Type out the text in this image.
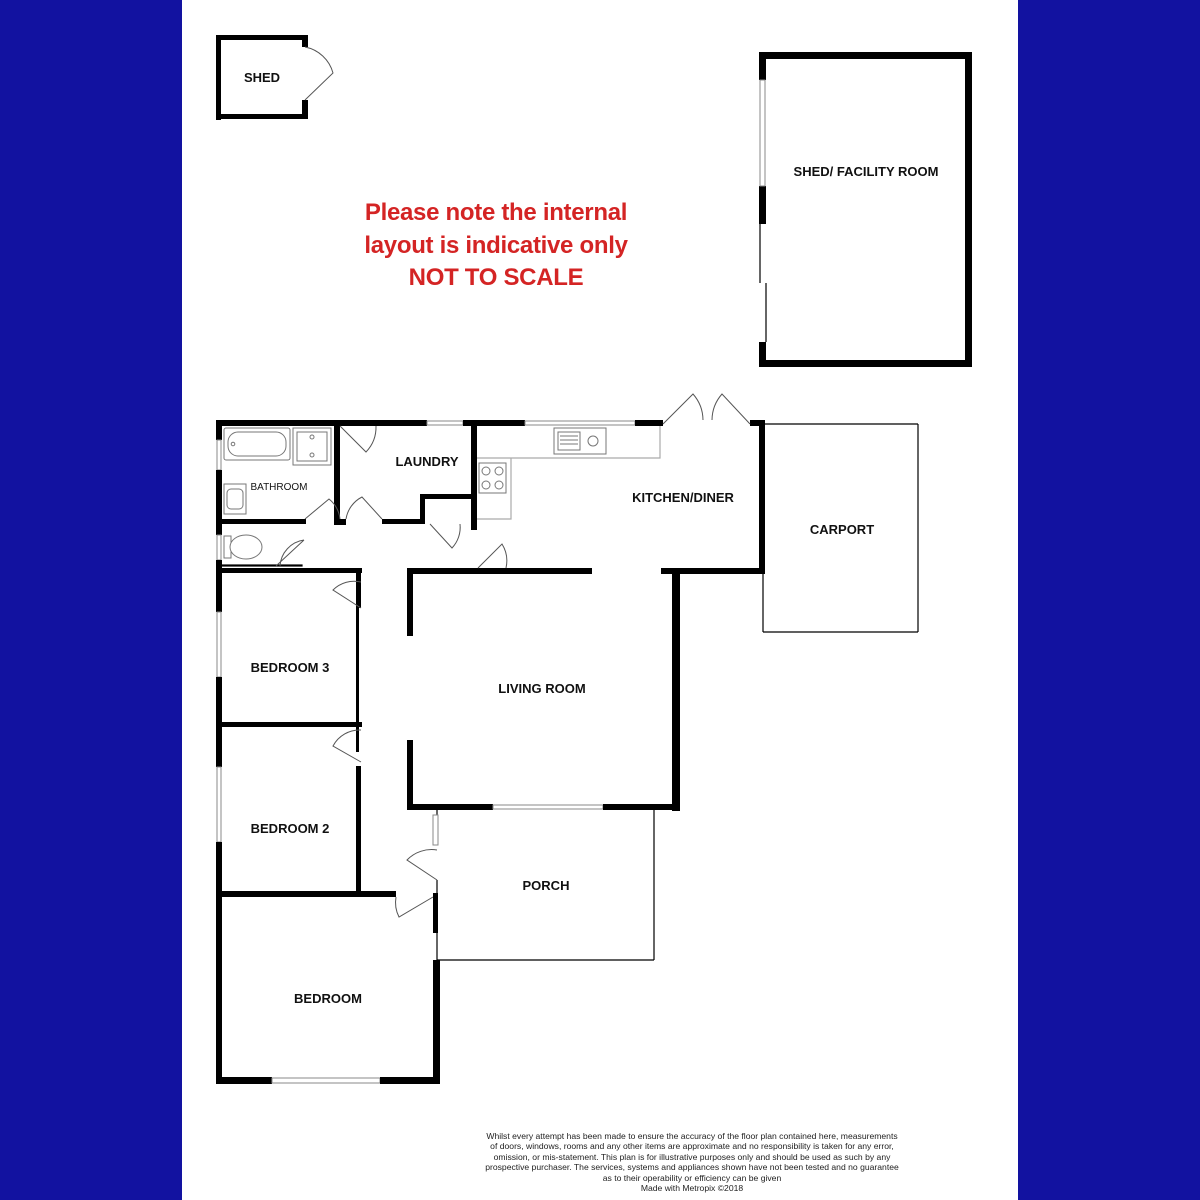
SHED
SHED/ FACILITY ROOM
Please note the internal
layout is indicative only
NOT TO SCALE
PORCH
CARPORT
BATHROOM
LAUNDRY
KITCHEN/DINER
BEDROOM 3
LIVING ROOM
BEDROOM 2
BEDROOM
Whilst every attempt has been made to ensure the accuracy of the floor plan contained here, measurements
of doors, windows, rooms and any other items are approximate and no responsibility is taken for any error,
omission, or mis-statement. This plan is for illustrative purposes only and should be used as such by any
prospective purchaser. The services, systems and appliances shown have not been tested and no guarantee
as to their operability or efficiency can be given
Made with Metropix ©2018
